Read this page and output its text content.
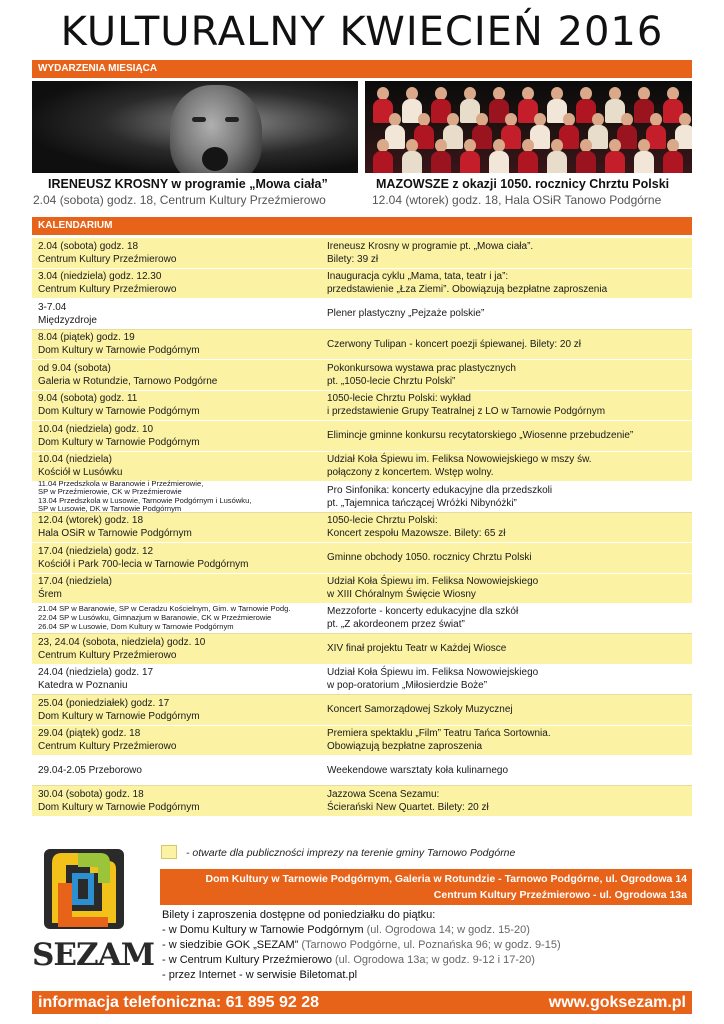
KULTURALNY KWIECIEŃ 2016
WYDARZENIA MIESIĄCA
IRENEUSZ KROSNY w programie „Mowa ciała”
2.04 (sobota) godz. 18, Centrum Kultury Przeźmierowo
MAZOWSZE z okazji 1050. rocznicy Chrztu Polski
12.04 (wtorek) godz. 18, Hala OSiR Tanowo Podgórne
KALENDARIUM
2.04 (sobota) godz. 18
Centrum Kultury Przeźmierowo
Ireneusz Krosny w programie pt. „Mowa ciała”.
Bilety: 39 zł
3.04 (niedziela) godz. 12.30
Centrum Kultury Przeźmierowo
Inauguracja cyklu „Mama, tata, teatr i ja”:
przedstawienie „Łza Ziemi”. Obowiązują bezpłatne zaproszenia
3-7.04
Międzyzdroje
Plener plastyczny „Pejzaże polskie”
8.04 (piątek) godz. 19
Dom Kultury w Tarnowie Podgórnym
Czerwony Tulipan - koncert poezji śpiewanej. Bilety: 20 zł
od 9.04 (sobota)
Galeria w Rotundzie, Tarnowo Podgórne
Pokonkursowa wystawa prac plastycznych
pt. „1050-lecie Chrztu Polski”
9.04 (sobota) godz. 11
Dom Kultury w Tarnowie Podgórnym
1050-lecie Chrztu Polski: wykład
i przedstawienie Grupy Teatralnej z LO w Tarnowie Podgórnym
10.04 (niedziela) godz. 10
Dom Kultury w Tarnowie Podgórnym
Elimincje gminne konkursu recytatorskiego „Wiosenne przebudzenie”
10.04 (niedziela)
Kościół w Lusówku
Udział Koła Śpiewu im. Feliksa Nowowiejskiego w mszy św.
połączony z koncertem. Wstęp wolny.
11.04 Przedszkola w Baranowie i Przeźmierowie,
SP w Przeźmierowie, CK w Przeźmierowie
13.04 Przedszkola w Lusowie, Tarnowie Podgórnym i Lusówku,
SP w Lusowie, DK w Tarnowie Podgórnym
Pro Sinfonika: koncerty edukacyjne dla przedszkoli
pt. „Tajemnica tańczącej Wróżki Nibynóżki”
12.04 (wtorek) godz. 18
Hala OSiR w Tarnowie Podgórnym
1050-lecie Chrztu Polski:
Koncert zespołu Mazowsze. Bilety: 65 zł
17.04 (niedziela) godz. 12
Kościół i Park 700-lecia w Tarnowie Podgórnym
Gminne obchody 1050. rocznicy Chrztu Polski
17.04 (niedziela)
Śrem
Udział Koła Śpiewu im. Feliksa Nowowiejskiego
w XIII Chóralnym Święcie Wiosny
21.04 SP w Baranowie, SP w Ceradzu Kościelnym, Gim. w Tarnowie Podg.
22.04 SP w Lusówku, Gimnazjum w Baranowie, CK w Przeźmierowie
26.04 SP w Lusowie, Dom Kultury w Tarnowie Podgórnym
Mezzoforte - koncerty edukacyjne dla szkół
pt. „Z akordeonem przez świat”
23, 24.04 (sobota, niedziela) godz. 10
Centrum Kultury Przeźmierowo
XIV finał projektu Teatr w Każdej Wiosce
24.04 (niedziela) godz. 17
Katedra w Poznaniu
Udział Koła Śpiewu im. Feliksa Nowowiejskiego
w pop-oratorium „Miłosierdzie Boże”
25.04 (poniedziałek) godz. 17
Dom Kultury w Tarnowie Podgórnym
Koncert Samorządowej Szkoły Muzycznej
29.04 (piątek) godz. 18
Centrum Kultury Przeźmierowo
Premiera spektaklu „Film” Teatru Tańca Sortownia.
Obowiązują bezpłatne zaproszenia
29.04-2.05 Przeborowo	Weekendowe warsztaty koła kulinarnego
30.04 (sobota) godz. 18
Dom Kultury w Tarnowie Podgórnym
Jazzowa Scena Sezamu:
Ścierański New Quartet. Bilety: 20 zł
SEZAM
- otwarte dla publiczności imprezy na terenie gminy Tarnowo Podgórne
Dom Kultury w Tarnowie Podgórnym, Galeria w Rotundzie - Tarnowo Podgórne, ul. Ogrodowa 14
Centrum Kultury Przeźmierowo - ul. Ogrodowa 13a
Bilety i zaproszenia dostępne od poniedziałku do piątku:
- w Domu Kultury w Tarnowie Podgórnym (ul. Ogrodowa 14; w godz. 15-20)
- w siedzibie GOK „SEZAM” (Tarnowo Podgórne, ul. Poznańska 96; w godz. 9-15)
- w Centrum Kultury Przeźmierowo (ul. Ogrodowa 13a; w godz. 9-12 i 17-20)
- przez Internet - w serwisie Biletomat.pl
informacja telefoniczna: 61 895 92 28	www.goksezam.pl
